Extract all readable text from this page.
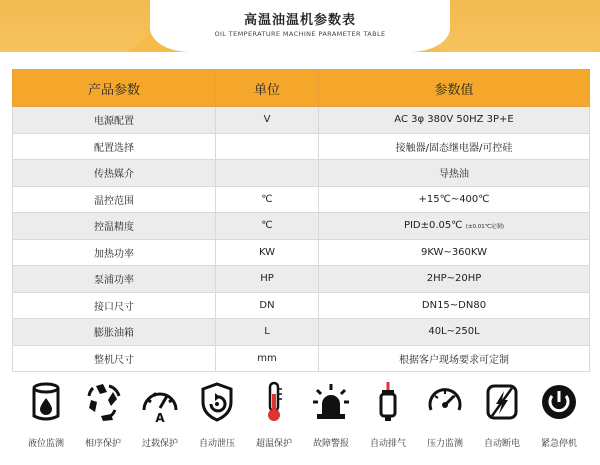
高温油温机参数表
OIL TEMPERATURE MACHINE PARAMETER TABLE
产品参数	单位	参数值
电源配置	V	AC 3φ 380V 50HZ 3P+E
配置选择		接触器/固态继电器/可控硅
传热媒介		导热油
温控范围	℃	+15℃~400℃
控温精度	℃	PID±0.05℃ (±0.01℃定制)
加热功率	KW	9KW~360KW
泵浦功率	HP	2HP~20HP
接口尺寸	DN	DN15~DN80
膨胀油箱	L	40L~250L
整机尺寸	mm	根据客户现场要求可定制
液位监测	相序保护
A
过载保护	自动泄压	超温保护	故障警报	自动排气	压力监测	自动断电	紧急停机
